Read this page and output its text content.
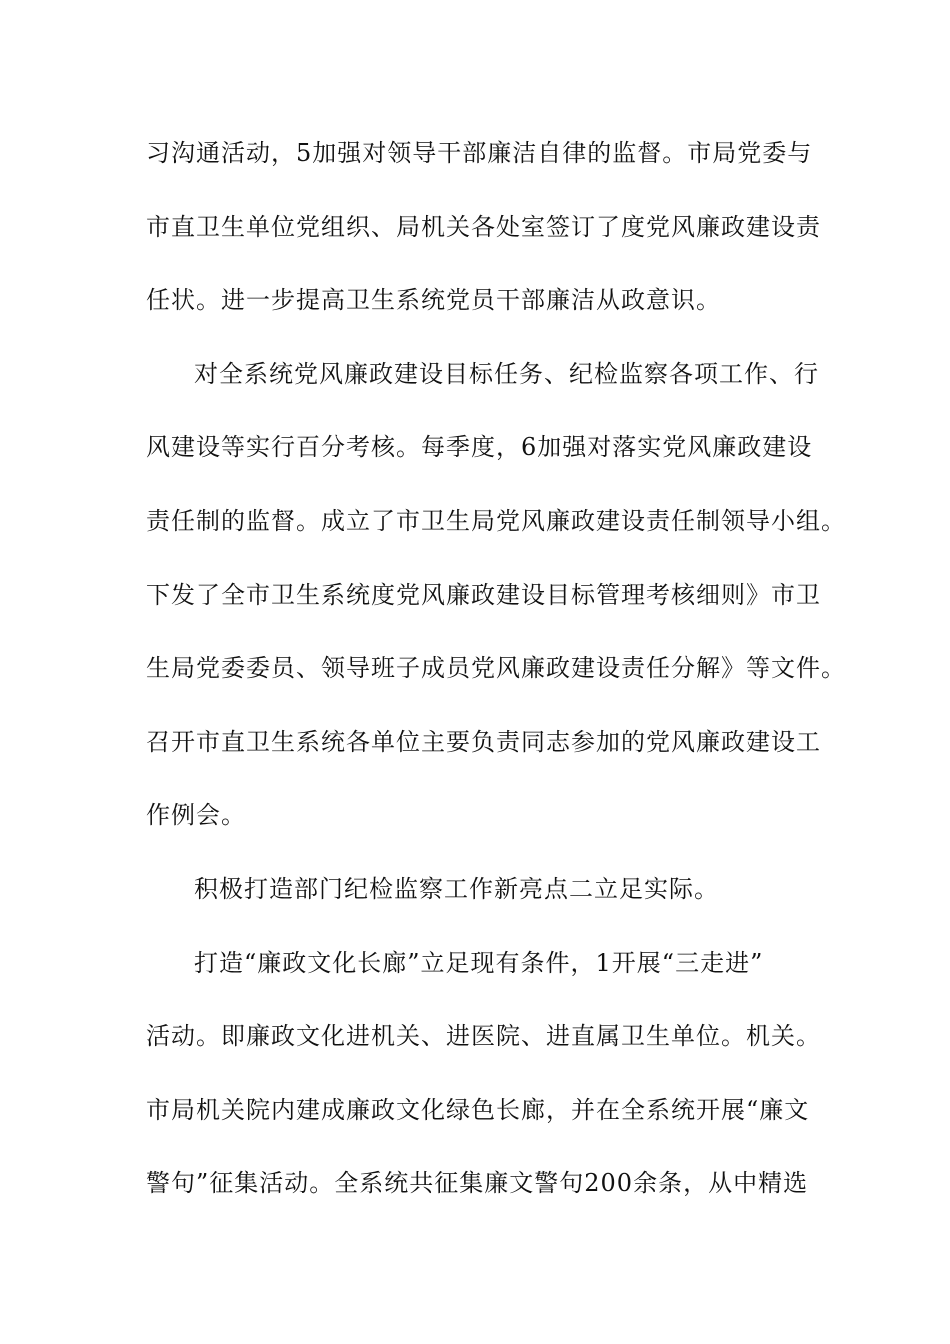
习沟通活动，5加强对领导干部廉洁自律的监督。市局党委与
市直卫生单位党组织、局机关各处室签订了度党风廉政建设责
任状。进一步提高卫生系统党员干部廉洁从政意识。
对全系统党风廉政建设目标任务、纪检监察各项工作、行
风建设等实行百分考核。每季度，6加强对落实党风廉政建设
责任制的监督。成立了市卫生局党风廉政建设责任制领导小组。
下发了全市卫生系统度党风廉政建设目标管理考核细则》市卫
生局党委委员、领导班子成员党风廉政建设责任分解》等文件。
召开市直卫生系统各单位主要负责同志参加的党风廉政建设工
作例会。
积极打造部门纪检监察工作新亮点二立足实际。
打造“廉政文化长廊”立足现有条件，1开展“三走进”
活动。即廉政文化进机关、进医院、进直属卫生单位。机关。
市局机关院内建成廉政文化绿色长廊，并在全系统开展“廉文
警句”征集活动。全系统共征集廉文警句200余条，从中精选
